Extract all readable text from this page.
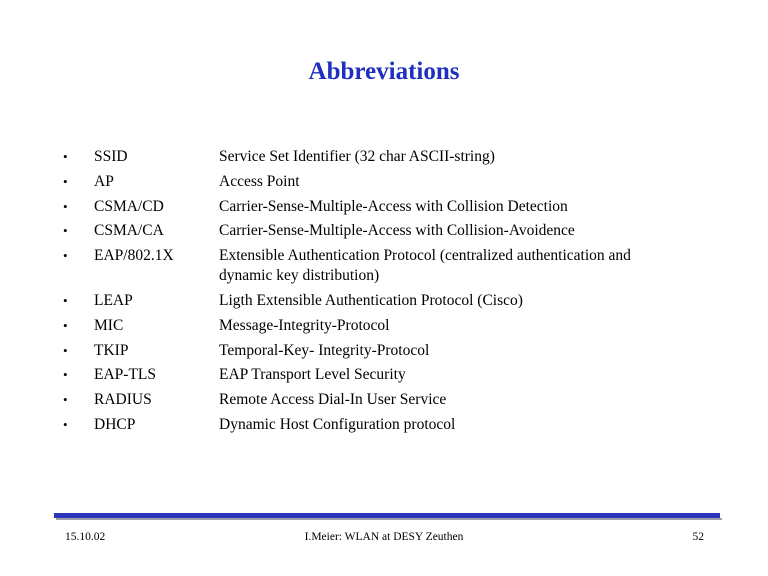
Abbreviations
• SSID	Service Set Identifier (32 char ASCII-string)
• AP	Access Point
• CSMA/CD	Carrier-Sense-Multiple-Access with Collision Detection
• CSMA/CA	Carrier-Sense-Multiple-Access with Collision-Avoidence
• EAP/802.1X	Extensible Authentication Protocol (centralized authentication and dynamic key distribution)
• LEAP	Ligth Extensible Authentication Protocol (Cisco)
• MIC	Message-Integrity-Protocol
• TKIP	Temporal-Key- Integrity-Protocol
• EAP-TLS	EAP Transport Level Security
• RADIUS	Remote Access Dial-In User Service
• DHCP	Dynamic Host Configuration protocol
I.Meier: WLAN at DESY Zeuthen
15.10.02	52
